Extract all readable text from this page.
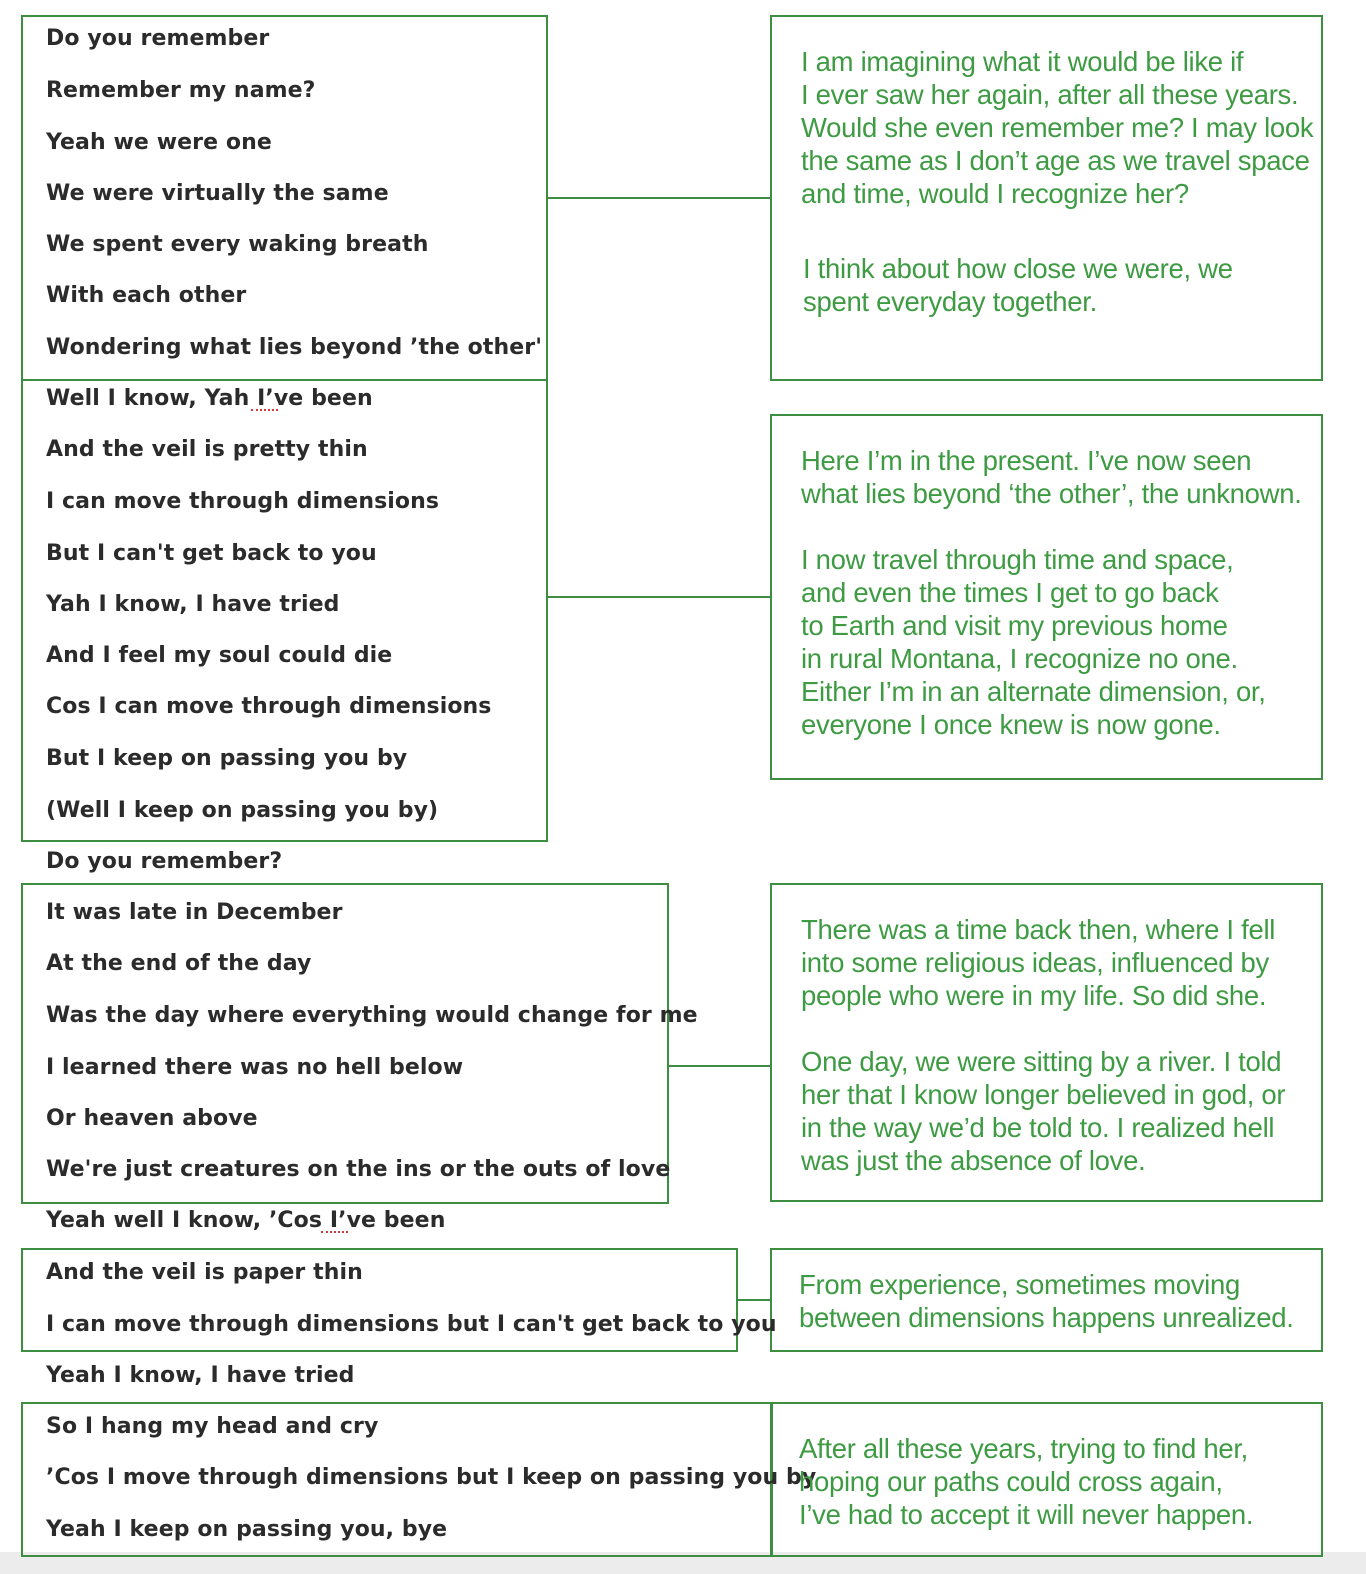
Do you remember
Remember my name?
Yeah we were one
We were virtually the same
We spent every waking breath
With each other
Wondering what lies beyond ’the other'
Well I know, Yah I’ve been
And the veil is pretty thin
I can move through dimensions
But I can't get back to you
Yah I know, I have tried
And I feel my soul could die
Cos I can move through dimensions
But I keep on passing you by
(Well I keep on passing you by)
Do you remember?
It was late in December
At the end of the day
Was the day where everything would change for me
I learned there was no hell below
Or heaven above
We're just creatures on the ins or the outs of love
Yeah well I know, ’Cos I’ve been
And the veil is paper thin
I can move through dimensions but I can't get back to you
Yeah I know, I have tried
So I hang my head and cry
’Cos I move through dimensions but I keep on passing you by
Yeah I keep on passing you, bye
I am imagining what it would be like if
I ever saw her again, after all these years.
Would she even remember me? I may look
the same as I don’t age as we travel space
and time, would I recognize her?
I think about how close we were, we
spent everyday together.
Here I’m in the present. I’ve now seen
what lies beyond ‘the other’, the unknown.
I now travel through time and space,
and even the times I get to go back
to Earth and visit my previous home
in rural Montana, I recognize no one.
Either I’m in an alternate dimension, or,
everyone I once knew is now gone.
There was a time back then, where I fell
into some religious ideas, influenced by
people who were in my life. So did she.
One day, we were sitting by a river. I told
her that I know longer believed in god, or
in the way we’d be told to. I realized hell
was just the absence of love.
From experience, sometimes moving
between dimensions happens unrealized.
After all these years, trying to find her,
hoping our paths could cross again,
I’ve had to accept it will never happen.
